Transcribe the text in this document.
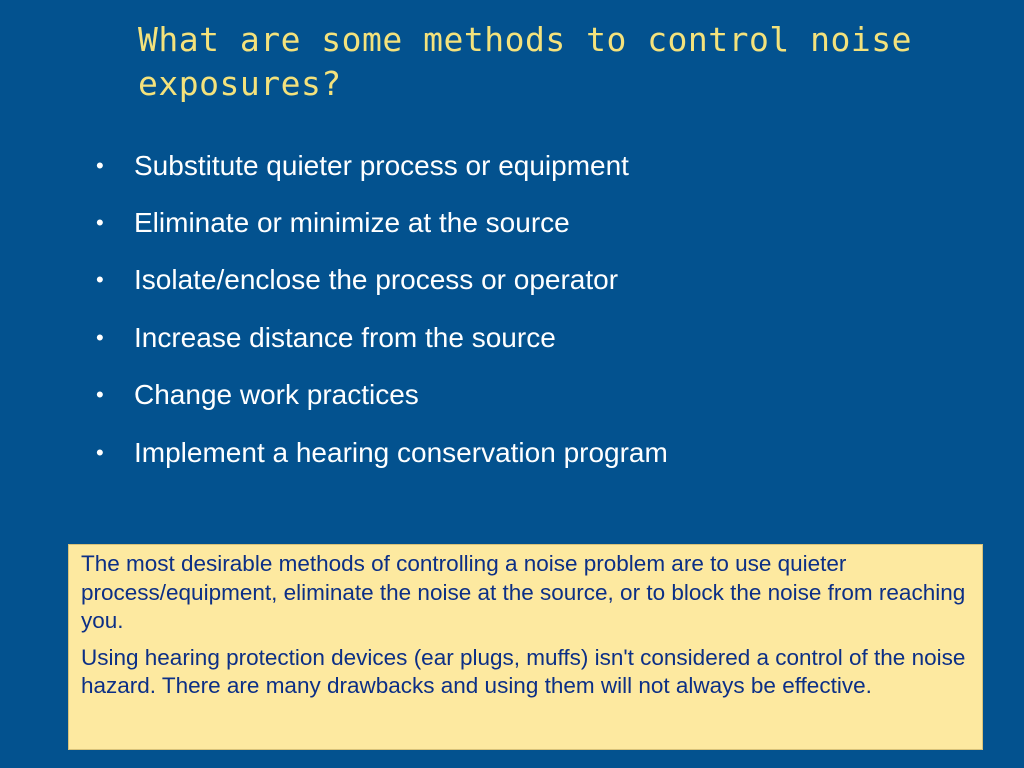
What are some methods to control noise exposures?
•	Substitute quieter process or equipment
•	Eliminate or minimize at the source
•	Isolate/enclose the process or operator
•	Increase distance from the source
•	Change work practices
•	Implement a hearing conservation program

The most desirable methods of controlling a noise problem are to use quieter process/equipment, eliminate the noise at the source, or to block the noise from reaching you.

Using hearing protection devices (ear plugs, muffs) isn't considered a control of the noise hazard. There are many drawbacks and using them will not always be effective.
